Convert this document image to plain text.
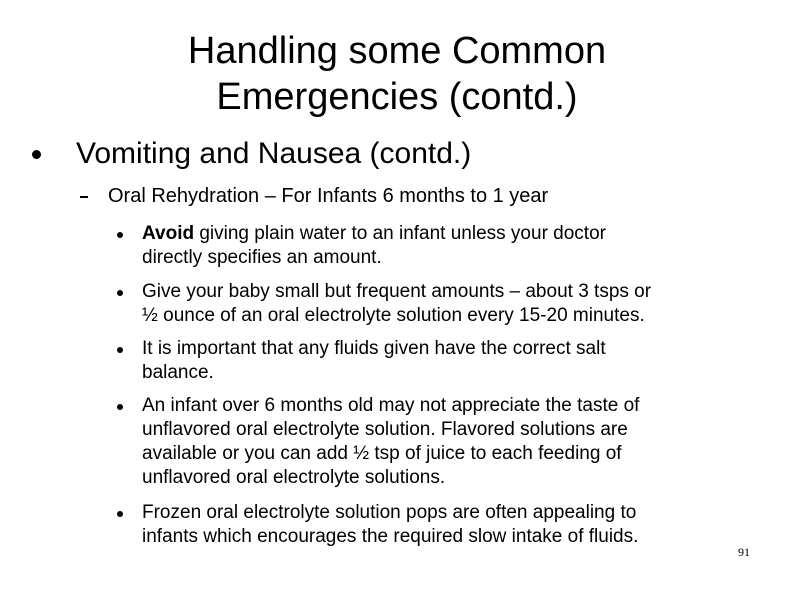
Handling some Common
Emergencies (contd.)
Vomiting and Nausea (contd.)
Oral Rehydration – For Infants 6 months to 1 year
Avoid giving plain water to an infant unless your doctor
directly specifies an amount.
Give your baby small but frequent amounts – about 3 tsps or
½ ounce of an oral electrolyte solution every 15-20 minutes.
It is important that any fluids given have the correct salt
balance.
An infant over 6 months old may not appreciate the taste of
unflavored oral electrolyte solution. Flavored solutions are
available or you can add ½ tsp of juice to each feeding of
unflavored oral electrolyte solutions.
Frozen oral electrolyte solution pops are often appealing to
infants which encourages the required slow intake of fluids.
91
